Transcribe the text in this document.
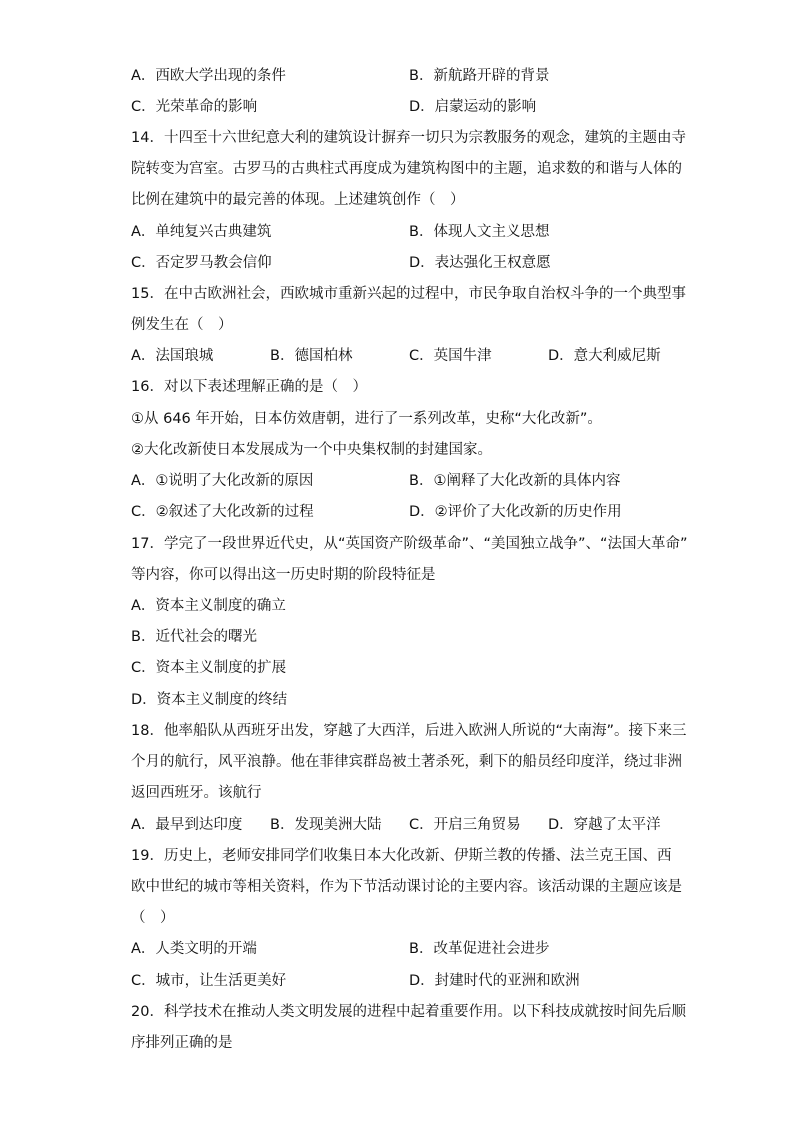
A．西欧大学出现的条件	B．新航路开辟的背景
C．光荣革命的影响	D．启蒙运动的影响
14．十四至十六世纪意大利的建筑设计摒弃一切只为宗教服务的观念，建筑的主题由寺
院转变为宫室。古罗马的古典柱式再度成为建筑构图中的主题，追求数的和谐与人体的
比例在建筑中的最完善的体现。上述建筑创作（　）
A．单纯复兴古典建筑	B．体现人文主义思想
C．否定罗马教会信仰	D．表达强化王权意愿
15．在中古欧洲社会，西欧城市重新兴起的过程中，市民争取自治权斗争的一个典型事
例发生在（　）
A．法国琅城	B．德国柏林	C．英国牛津	D．意大利威尼斯
16．对以下表述理解正确的是（　）
①从 646 年开始，日本仿效唐朝，进行了一系列改革，史称“大化改新”。
②大化改新使日本发展成为一个中央集权制的封建国家。
A．①说明了大化改新的原因	B．①阐释了大化改新的具体内容
C．②叙述了大化改新的过程	D．②评价了大化改新的历史作用
17．学完了一段世界近代史，从“英国资产阶级革命”、“美国独立战争”、“法国大革命”
等内容，你可以得出这一历史时期的阶段特征是
A．资本主义制度的确立
B．近代社会的曙光
C．资本主义制度的扩展
D．资本主义制度的终结
18．他率船队从西班牙出发，穿越了大西洋，后进入欧洲人所说的“大南海”。接下来三
个月的航行，风平浪静。他在菲律宾群岛被土著杀死，剩下的船员经印度洋，绕过非洲
返回西班牙。该航行
A．最早到达印度 B．发现美洲大陆 C．开启三角贸易 D．穿越了太平洋
19．历史上，老师安排同学们收集日本大化改新、伊斯兰教的传播、法兰克王国、西
欧中世纪的城市等相关资料，作为下节活动课讨论的主要内容。该活动课的主题应该是
（　）
A．人类文明的开端	B．改革促进社会进步
C．城市，让生活更美好	D．封建时代的亚洲和欧洲
20．科学技术在推动人类文明发展的进程中起着重要作用。以下科技成就按时间先后顺
序排列正确的是
